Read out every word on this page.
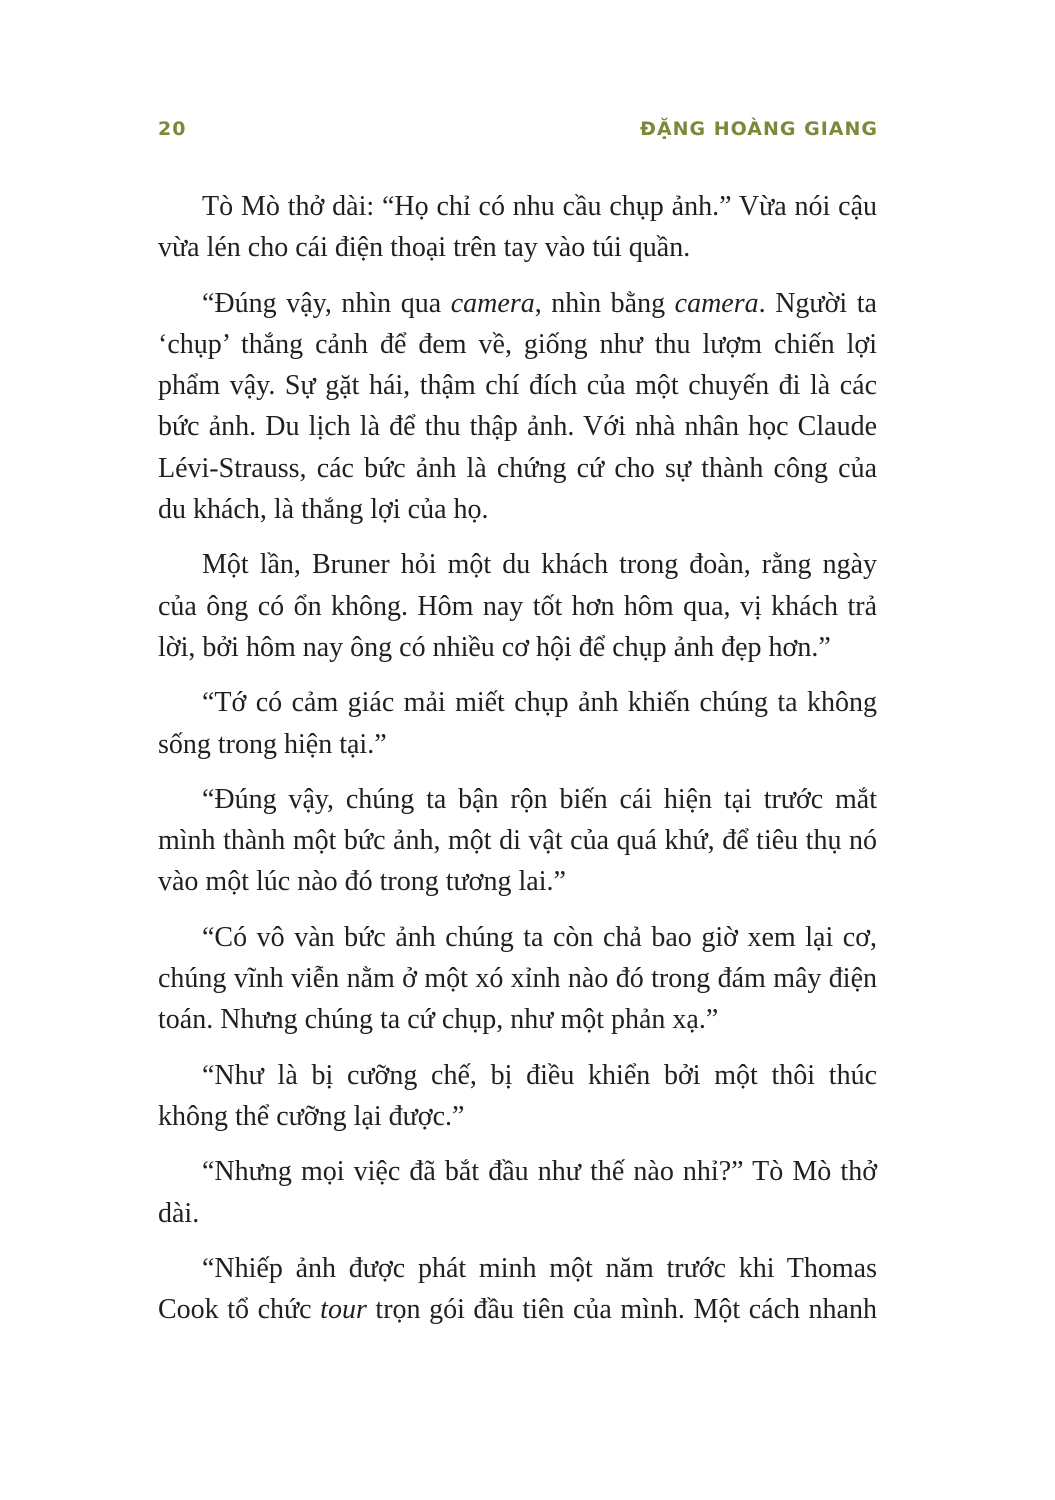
20	ĐẶNG HOÀNG GIANG

Tò Mò thở dài: “Họ chỉ có nhu cầu chụp ảnh.” Vừa nói cậu vừa lén cho cái điện thoại trên tay vào túi quần.

“Đúng vậy, nhìn qua camera, nhìn bằng camera. Người ta ‘chụp’ thắng cảnh để đem về, giống như thu lượm chiến lợi phẩm vậy. Sự gặt hái, thậm chí đích của một chuyến đi là các bức ảnh. Du lịch là để thu thập ảnh. Với nhà nhân học Claude Lévi-Strauss, các bức ảnh là chứng cứ cho sự thành công của du khách, là thắng lợi của họ.

Một lần, Bruner hỏi một du khách trong đoàn, rằng ngày của ông có ổn không. Hôm nay tốt hơn hôm qua, vị khách trả lời, bởi hôm nay ông có nhiều cơ hội để chụp ảnh đẹp hơn.”

“Tớ có cảm giác mải miết chụp ảnh khiến chúng ta không sống trong hiện tại.”

“Đúng vậy, chúng ta bận rộn biến cái hiện tại trước mắt mình thành một bức ảnh, một di vật của quá khứ, để tiêu thụ nó vào một lúc nào đó trong tương lai.”

“Có vô vàn bức ảnh chúng ta còn chả bao giờ xem lại cơ, chúng vĩnh viễn nằm ở một xó xỉnh nào đó trong đám mây điện toán. Nhưng chúng ta cứ chụp, như một phản xạ.”

“Như là bị cưỡng chế, bị điều khiển bởi một thôi thúc không thể cưỡng lại được.”

“Nhưng mọi việc đã bắt đầu như thế nào nhỉ?” Tò Mò thở dài.

“Nhiếp ảnh được phát minh một năm trước khi Thomas Cook tổ chức tour trọn gói đầu tiên của mình. Một cách nhanh
